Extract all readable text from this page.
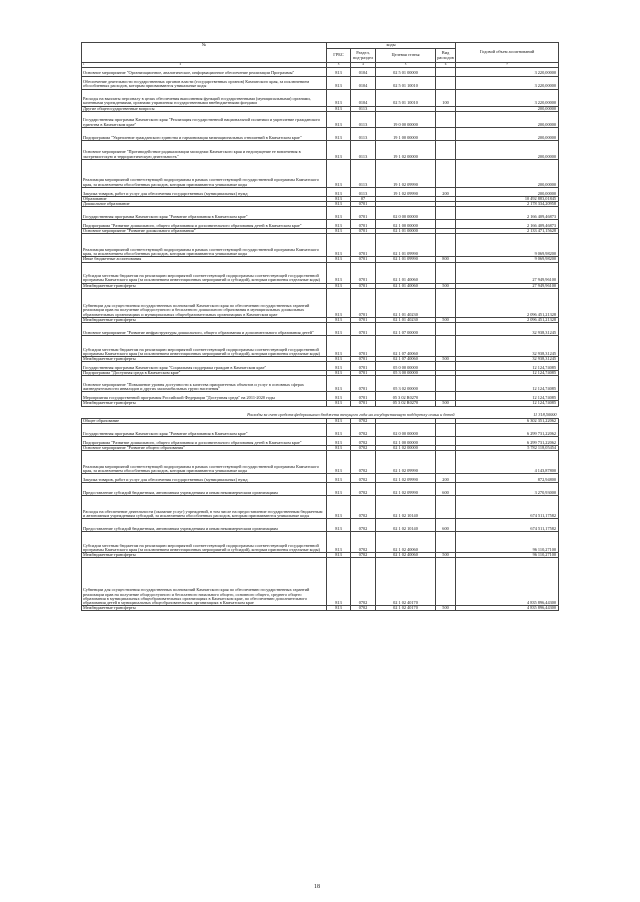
№	коды				Годовой объем ассигнований
	ГРБС	Раздел, под-раздел	Целевая статья	Вид расходов	
1 2	3	4	5	6	7
Основное мероприятие "Организационное, аналитическое, информационное обеспечение реализации Программы"	813	0104	02 5 01 00000		3 220,00000
Обеспечение деятельности государственных органов власти (государственных органов) Камчатского края, за исключением обособленных расходов, которым присваиваются уникальные коды	813	0104	02 5 01 10010		3 220,00000
Расходы на выплаты персоналу в целях обеспечения выполнения функций государственными (муниципальными) органами, казенными учреждениями, органами управления государственными внебюджетными фондами	813	0104	02 5 01 10010	100	3 220,00000
Другие общегосударственные вопросы	813	0113			200,00000
Государственная программа Камчатского края "Реализация государственной национальной политики и укрепление гражданского единства в Камчатском крае"	813	0113	19 0 00 00000		200,00000
Подпрограмма "Укрепление гражданского единства и гармонизация межнациональных отношений в Камчатском крае"	813	0113	19 1 00 00000		200,00000
Основное мероприятие "Противодействие радикализации молодежи Камчатского края и недопущение ее вовлечения в экстремистскую и террористическую деятельность"	813	0113	19 1 02 00000		200,00000
Реализация мероприятий соответствующей подпрограммы в рамках соответствующей государственной программы Камчатского края, за исключением обособленных расходов, которым присваиваются уникальные коды	813	0113	19 1 02 09990		200,00000
Закупка товаров, работ и услуг для обеспечения государственных (муниципальных) нужд	813	0113	19 1 02 09990	200	200,00000
Образование	813	07			10 492 883,01845
Дошкольное образование	813	0701			2 178 334,20958
Государственная программа Камчатского края "Развитие образования в Камчатском крае"	813	0701	02 0 00 00000		2 166 409,46873
Подпрограмма "Развитие дошкольного, общего образования и дополнительного образования детей в Камчатском крае"	813	0701	02 1 00 00000		2 166 409,46873
Основное мероприятие "Развитие дошкольного образования"	813	0701	02 1 01 00000		2 133 471,15628
Реализация мероприятий соответствующей подпрограммы в рамках соответствующей государственной программы Камчатского края, за исключением обособленных расходов, которым присваиваются уникальные коды	813	0701	02 1 01 09990		9 069,98200
Иные бюджетные ассигнования	813	0701	02 1 01 09990	800	9 069,98200
Субсидии местным бюджетам на реализацию мероприятий соответствующей подпрограммы соответствующей государственной программы Камчатского края (за исключением инвестиционных мероприятий и субсидий), которым присвоены отдельные коды)	813	0701	02 1 01 40060		27 949,96100
Межбюджетные трансферты	813	0701	02 1 01 40060	500	27 949,96100
Субвенции для осуществления государственных полномочий Камчатского края по обеспечению государственных гарантий реализации прав на получение общедоступного и бесплатного дошкольного образования в муниципальных дошкольных образовательных организациях и муниципальных общеобразовательных организациях в Камчатском крае	813	0701	02 1 01 40230		2 096 451,21328
Межбюджетные трансферты	813	0701	02 1 01 40230	500	2 096 451,21328
Основное мероприятие "Развитие инфраструктуры дошкольного, общего образования и дополнительного образования детей"	813	0701	02 1 07 00000		32 938,31245
Субсидии местным бюджетам на реализацию мероприятий соответствующей подпрограммы соответствующей государственной программы Камчатского края (за исключением инвестиционных мероприятий и субсидий), которым присвоены отдельные коды)	813	0701	02 1 07 40060		32 938,31245
Межбюджетные трансферты	813	0701	02 1 07 40060	500	32 938,31245
Государственная программа Камчатского края "Социальная поддержка граждан в Камчатском крае"	813	0701	05 0 00 00000		12 124,74085
Подпрограмма "Доступная среда в Камчатском крае"	813	0701	05 3 00 00000		12 124,74085
Основное мероприятие "Повышение уровня доступности к качества приоритетных объектов и услуг в основных сферах жизнедеятельности инвалидов и других маломобильных групп населения"	813	0701	05 3 02 00000		12 124,74085
Мероприятия государственной программы Российской Федерации "Доступная среда" на 2011-2020 годы	813	0701	05 3 02 R0270		12 124,74085
Межбюджетные трансферты	813	0701	05 3 02 R0270	500	12 124,74085
Расходы за счет средств федерального бюджета текущего года на государственную поддержку семьи и детей					11 318,50000
Общее образование	813	0702			6 302 351,22062
Государственная программа Камчатского края "Развитие образования в Камчатском крае"	813	0702	02 0 00 00000		6 299 731,22062
Подпрограмма "Развитие дошкольного, общего образования и дополнительного образования детей в Камчатском крае"	813	0702	02 1 00 00000		6 299 731,22062
Основное мероприятие "Развитие общего образования"	813	0702	02 1 02 00000		5 782 118,05454
Реализация мероприятий соответствующей подпрограммы в рамках соответствующей государственной программы Камчатского края, за исключением обособленных расходов, которым присваиваются уникальные коды	813	0702	02 1 02 09990		4 143,87800
Закупка товаров, работ и услуг для обеспечения государственных (муниципальных) нужд	813	0702	02 1 02 09990	200	872,94800
Предоставление субсидий бюджетным, автономным учреждениям и иным некоммерческим организациям	813	0702	02 1 02 09990	600	3 270,93000
Расходы на обеспечение деятельности (оказание услуг) учреждений, в том числе на предоставление государственным бюджетным и автономным учреждениям субсидий, за исключением обособленных расходов, которым присваиваются уникальные коды	813	0702	02 1 02 10140		674 511,17582
Предоставление субсидий бюджетным, автономным учреждениям и иным некоммерческим организациям	813	0702	02 1 02 10140	600	674 511,17582
Субсидии местным бюджетам на реализацию мероприятий соответствующей подпрограммы соответствующей государственной программы Камчатского края (за исключением инвестиционных мероприятий и субсидий), которым присвоены отдельные коды)	813	0702	02 1 02 40060		96 110,27100
Межбюджетные трансферты	813	0702	02 1 02 40060	500	96 110,27100
Субвенции для осуществления государственных полномочий Камчатского края по обеспечению государственных гарантий реализации прав на получение общедоступного и бесплатного начального общего, основного общего, среднего общего образования в муниципальных общеобразовательных организациях в Камчатском крае, по обеспечению дополнительного образования детей в муниципальных общеобразовательных организациях в Камчатском крае	813	0702	02 1 02 40170		4 835 896,44300
Межбюджетные трансферты	813	0702	02 1 02 40170	500	4 835 896,44300
18
